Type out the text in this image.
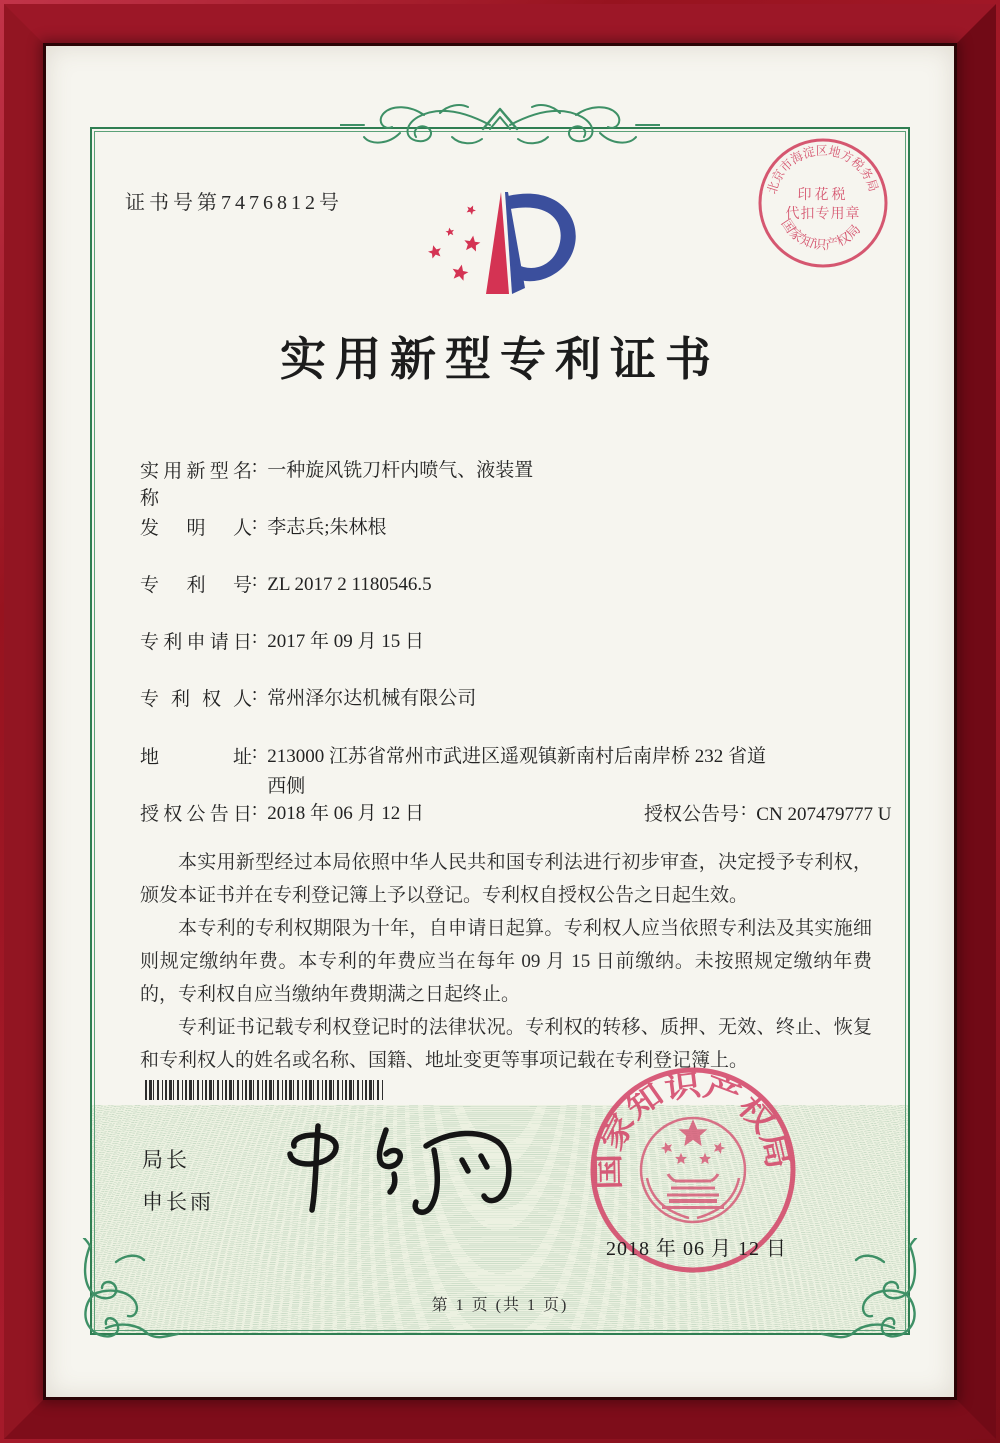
证书号第7476812号
北京市海淀区地方税务局
国家知识产权局
印花税
代扣专用章
实用新型专利证书
实用新型名称: 一种旋风铣刀杆内喷气、液装置
发明人: 李志兵;朱林根
专利号: ZL 2017 2 1180546.5
专利申请日: 2017 年 09 月 15 日
专利权人: 常州泽尔达机械有限公司
地址: 213000 江苏省常州市武进区遥观镇新南村后南岸桥 232 省道西侧
授权公告日: 2018 年 06 月 12 日	授权公告号 : CN 207479777 U

本实用新型经过本局依照中华人民共和国专利法进行初步审查，决定授予专利权，颁发本证书并在专利登记簿上予以登记。专利权自授权公告之日起生效。

本专利的专利权期限为十年，自申请日起算。专利权人应当依照专利法及其实施细则规定缴纳年费。本专利的年费应当在每年 09 月 15 日前缴纳。未按照规定缴纳年费的，专利权自应当缴纳年费期满之日起终止。

专利证书记载专利权登记时的法律状况。专利权的转移、质押、无效、终止、恢复和专利权人的姓名或名称、国籍、地址变更等事项记载在专利登记簿上。

局长
申长雨
国家知识产权局
2018 年 06 月 12 日
第 1 页 (共 1 页)
